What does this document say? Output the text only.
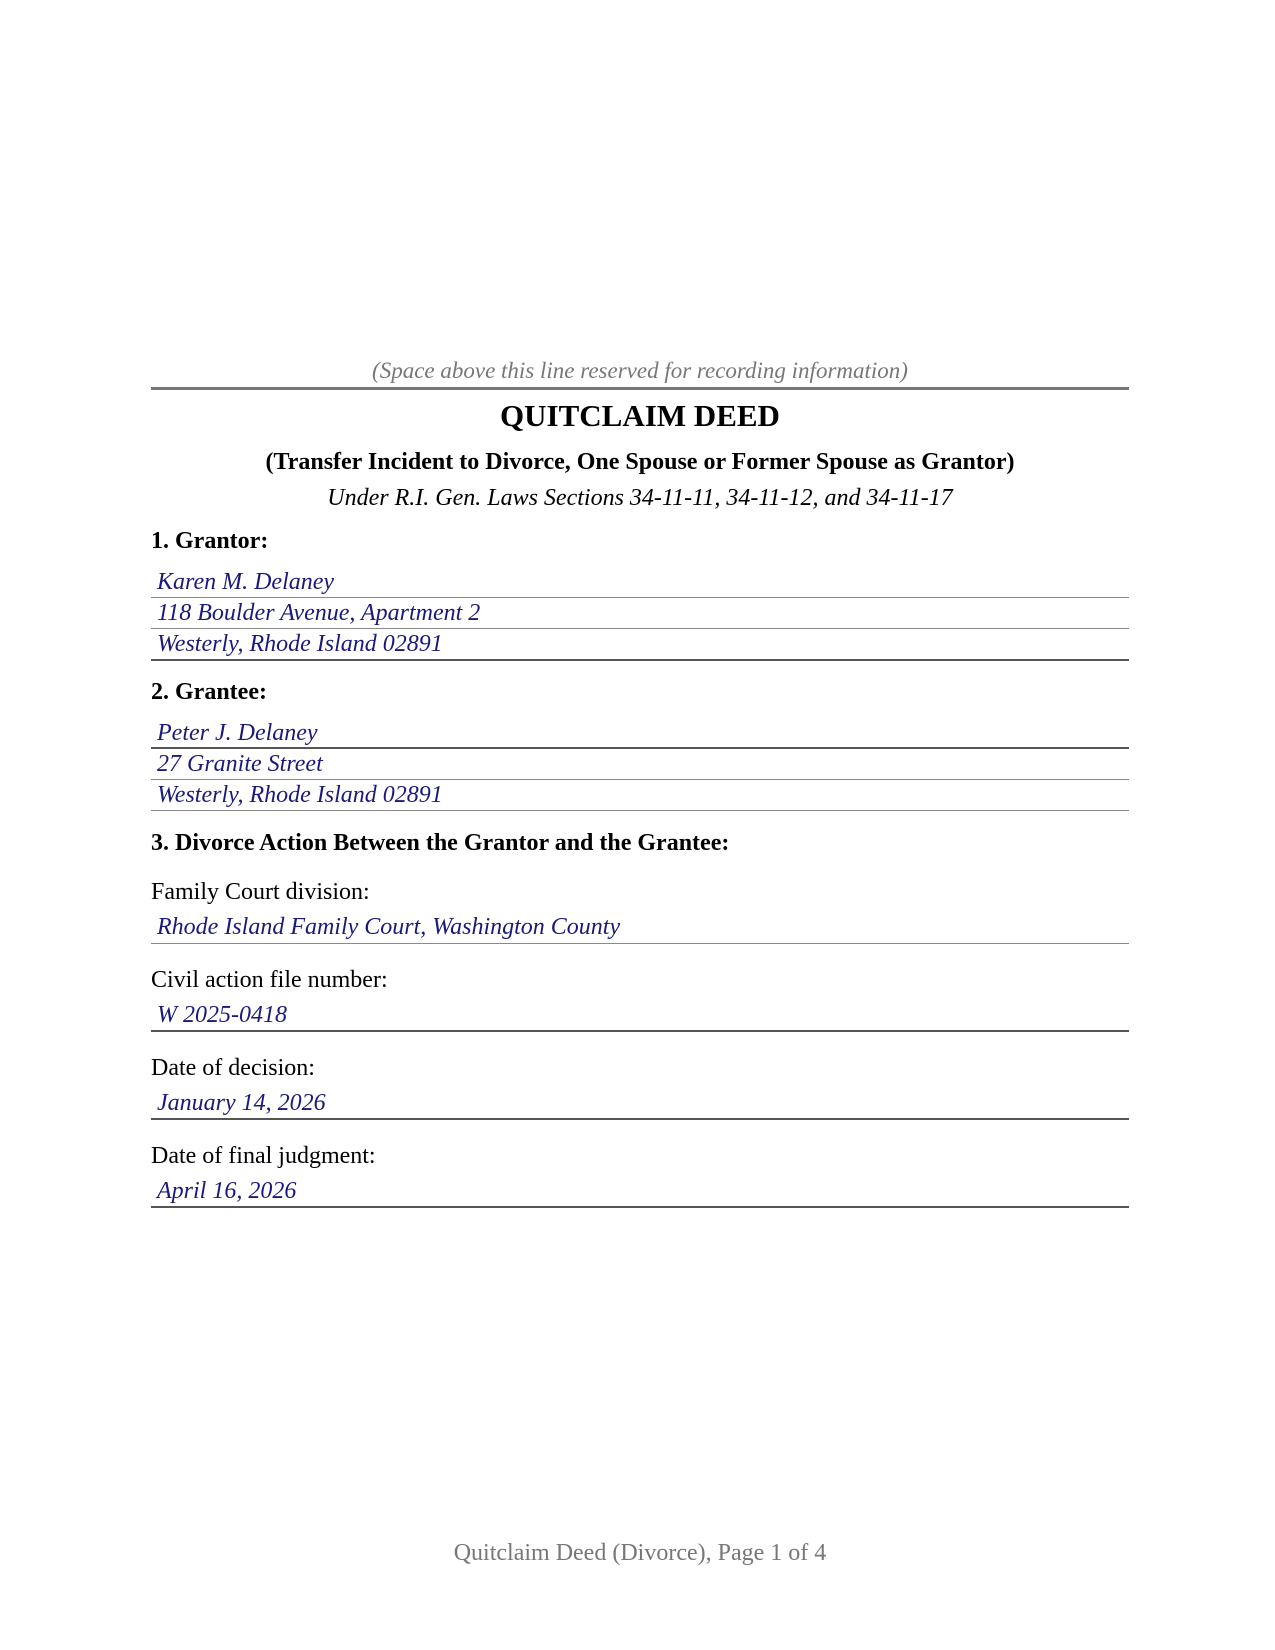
(Space above this line reserved for recording information)
QUITCLAIM DEED
(Transfer Incident to Divorce, One Spouse or Former Spouse as Grantor)
Under R.I. Gen. Laws Sections 34-11-11, 34-11-12, and 34-11-17
1. Grantor:
Karen M. Delaney
118 Boulder Avenue, Apartment 2
Westerly, Rhode Island 02891
2. Grantee:
Peter J. Delaney
27 Granite Street
Westerly, Rhode Island 02891
3. Divorce Action Between the Grantor and the Grantee:
Family Court division:
Rhode Island Family Court, Washington County
Civil action file number:
W 2025-0418
Date of decision:
January 14, 2026
Date of final judgment:
April 16, 2026
Quitclaim Deed (Divorce), Page 1 of 4
